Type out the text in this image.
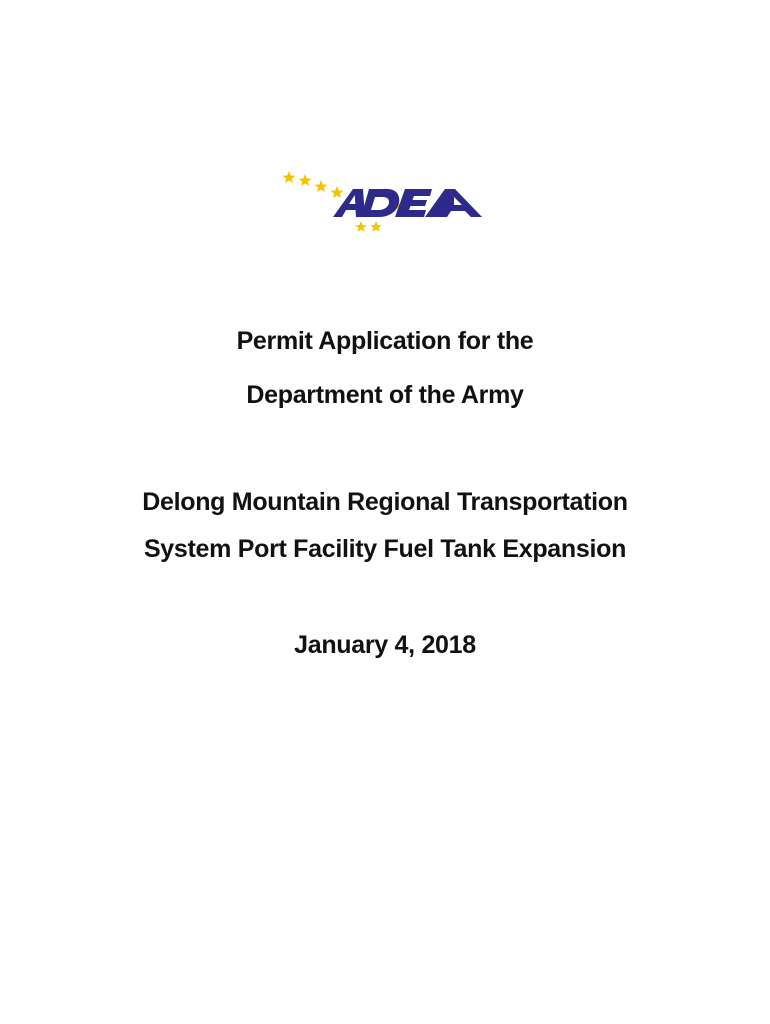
Permit Application for the
Department of the Army
Delong Mountain Regional Transportation
System Port Facility Fuel Tank Expansion
January 4, 2018
